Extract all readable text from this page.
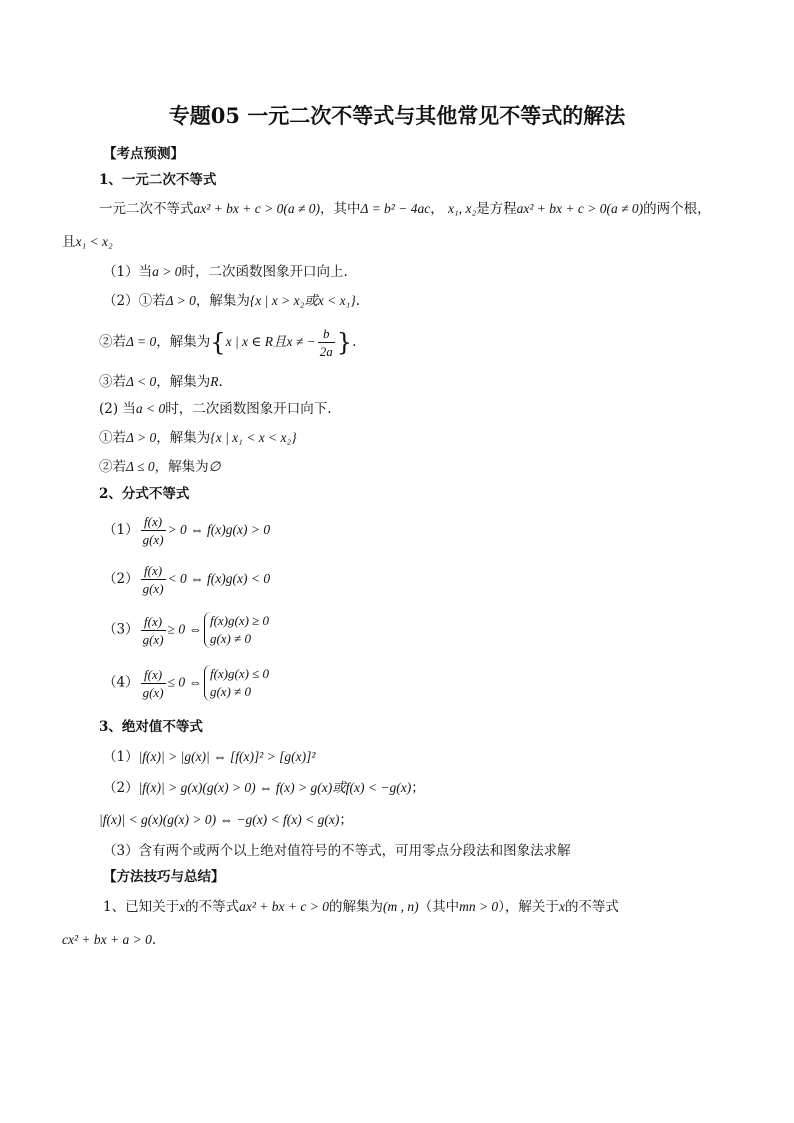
专题05 一元二次不等式与其他常见不等式的解法
【考点预测】
1、一元二次不等式
一元二次不等式ax² + bx + c > 0(a ≠ 0)，其中Δ = b² − 4ac， x₁, x₂是方程ax² + bx + c > 0(a ≠ 0)的两个根，
且x₁ < x₂
（1）当a > 0时，二次函数图象开口向上.
（2）①若Δ > 0，解集为{x | x > x₂或x < x₁}.
②若Δ = 0，解集为{x | x ∈ R且x ≠ − $\frac{b}{2a}$ }.
③若Δ < 0，解集为R.
(2) 当a < 0时，二次函数图象开口向下.
①若Δ > 0，解集为{x | x₁ < x < x₂}
②若Δ ≤ 0，解集为∅
2、分式不等式
$(1) \frac{f(x)}{g(x)} > 0$ ⇔ f(x)g(x) > 0
$(2) \frac{f(x)}{g(x)} < 0$ ⇔ f(x)g(x) < 0
$(3) \frac{f(x)}{g(x)} \ge 0$ ⇔
f(x)g(x) ≥ 0
g(x) ≠ 0
$(4) \frac{f(x)}{g(x)} \le 0$ ⇔
f(x)g(x) ≤ 0
g(x) ≠ 0
3、绝对值不等式
（1）|f(x)| > |g(x)| ⇔ [f(x)]² > [g(x)]²
（2）|f(x)| > g(x)(g(x) > 0) ⇔ f(x) > g(x)或f(x) < −g(x)；
|f(x)| < g(x)(g(x) > 0) ⇔ −g(x) < f(x) < g(x)；
（3）含有两个或两个以上绝对值符号的不等式，可用零点分段法和图象法求解
【方法技巧与总结】
1、已知关于x的不等式ax² + bx + c > 0的解集为(m , n)（其中mn > 0），解关于x的不等式
cx² + bx + a > 0.
